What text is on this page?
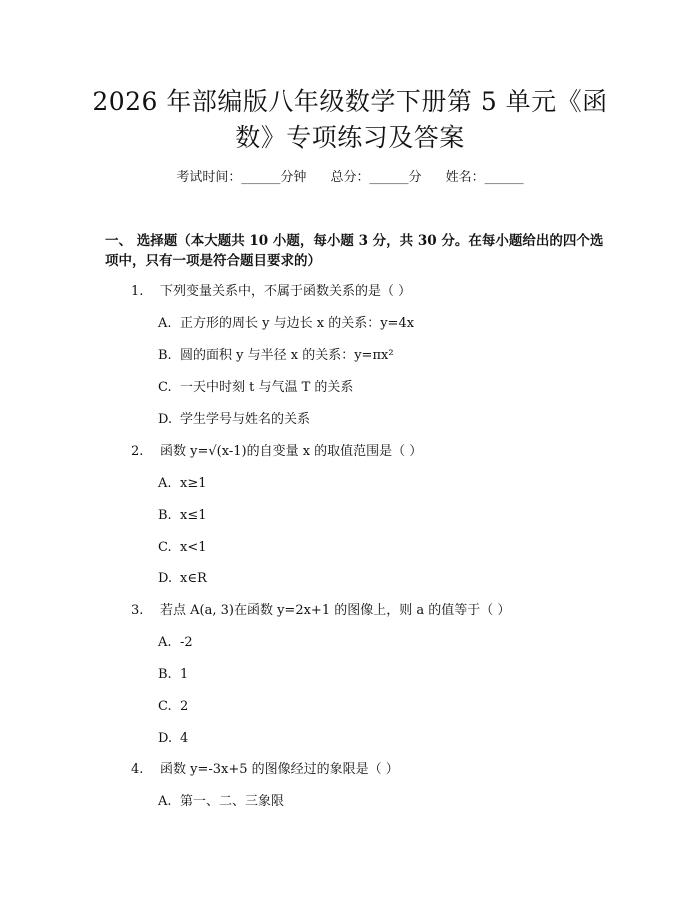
2026 年部编版八年级数学下册第 5 单元《函
数》专项练习及答案
考试时间：______分钟 总分：______分 姓名：______
一、 选择题（本大题共 10 小题，每小题 3 分，共 30 分。在每小题给出的四个选
项中，只有一项是符合题目要求的）
1. 下列变量关系中，不属于函数关系的是（ ）
A. 正方形的周长 y 与边长 x 的关系：y=4x
B. 圆的面积 y 与半径 x 的关系：y=πx²
C. 一天中时刻 t 与气温 T 的关系
D. 学生学号与姓名的关系
2. 函数 y=√(x-1)的自变量 x 的取值范围是（ ）
A. x≥1
B. x≤1
C. x<1
D. x∈R
3. 若点 A(a, 3)在函数 y=2x+1 的图像上，则 a 的值等于（ ）
A. -2
B. 1
C. 2
D. 4
4. 函数 y=-3x+5 的图像经过的象限是（ ）
A. 第一、二、三象限
